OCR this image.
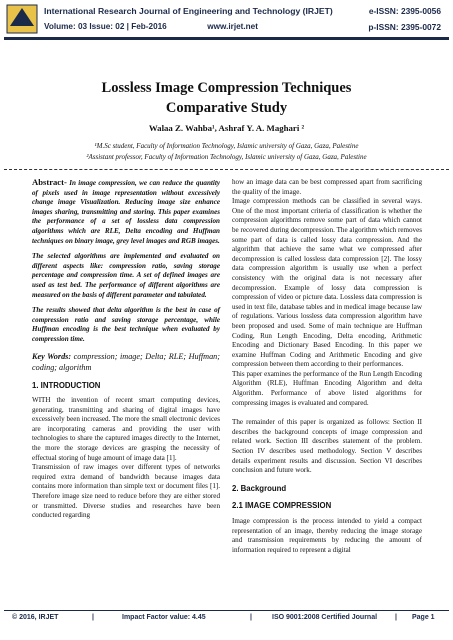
International Research Journal of Engineering and Technology (IRJET)
Volume: 03 Issue: 02 | Feb-2016	www.irjet.net
e-ISSN: 2395-0056
p-ISSN: 2395-0072
Lossless Image Compression Techniques
Comparative Study
Walaa Z. Wahba¹, Ashraf Y. A. Maghari ²
¹M.Sc student, Faculty of Information Technology, Islamic university of Gaza, Gaza, Palestine
²Assistant professor, Faculty of Information Technology, Islamic university of Gaza, Gaza, Palestine

Abstract- In image compression, we can reduce the quantity of pixels used in image representation without excessively change image Visualization. Reducing image size enhance images sharing, transmitting and storing. This paper examines the performance of a set of lossless data compression algorithms which are RLE, Delta encoding and Huffman techniques on binary image, grey level images and RGB images.

The selected algorithms are implemented and evaluated on different aspects like: compression ratio, saving storage percentage and compression time. A set of defined images are used as test bed. The performance of different algorithms are measured on the basis of different parameter and tabulated.

The results showed that delta algorithm is the best in case of compression ratio and saving storage percentage, while Huffman encoding is the best technique when evaluated by compression time.

Key Words: compression; image; Delta; RLE; Huffman; coding; algorithm

1. INTRODUCTION

WITH the invention of recent smart computing devices, generating, transmitting and sharing of digital images have excessively been increased. The more the small electronic devices are incorporating cameras and providing the user with technologies to share the captured images directly to the Internet, the more the storage devices are grasping the necessity of effectual storing of huge amount of image data [1].

Transmission of raw images over different types of networks required extra demand of bandwidth because images data contains more information than simple text or document files [1]. Therefore image size need to reduce before they are either stored or transmitted. Diverse studies and researches have been conducted regarding

how an image data can be best compressed apart from sacrificing the quality of the image.

Image compression methods can be classified in several ways. One of the most important criteria of classification is whether the compression algorithms remove some part of data which cannot be recovered during decompression. The algorithm which removes some part of data is called lossy data compression. And the algorithm that achieve the same what we compressed after decompression is called lossless data compression [2]. The lossy data compression algorithm is usually use when a perfect consistency with the original data is not necessary after decompression. Example of lossy data compression is compression of video or picture data. Lossless data compression is used in text file, database tables and in medical image because law of regulations. Various lossless data compression algorithm have been proposed and used. Some of main technique are Huffman Coding, Run Length Encoding, Delta encoding, Arithmetic Encoding and Dictionary Based Encoding. In this paper we examine Huffman Coding and Arithmetic Encoding and give compression between them according to their performances.

This paper examines the performance of the Run Length Encoding Algorithm (RLE), Huffman Encoding Algorithm and delta Algorithm. Performance of above listed algorithms for compressing images is evaluated and compared.

The remainder of this paper is organized as follows: Section II describes the background concepts of image compression and related work. Section III describes statement of the problem. Section IV describes used methodology. Section V describes details experiment results and discussion. Section VI describes conclusion and future work.

2. Background
2.1 IMAGE COMPRESSION

Image compression is the process intended to yield a compact representation of an image, thereby reducing the image storage and transmission requirements by reducing the amount of information required to represent a digital

© 2016, IRJET	|	Impact Factor value: 4.45	|	ISO 9001:2008 Certified Journal	| Page 1
